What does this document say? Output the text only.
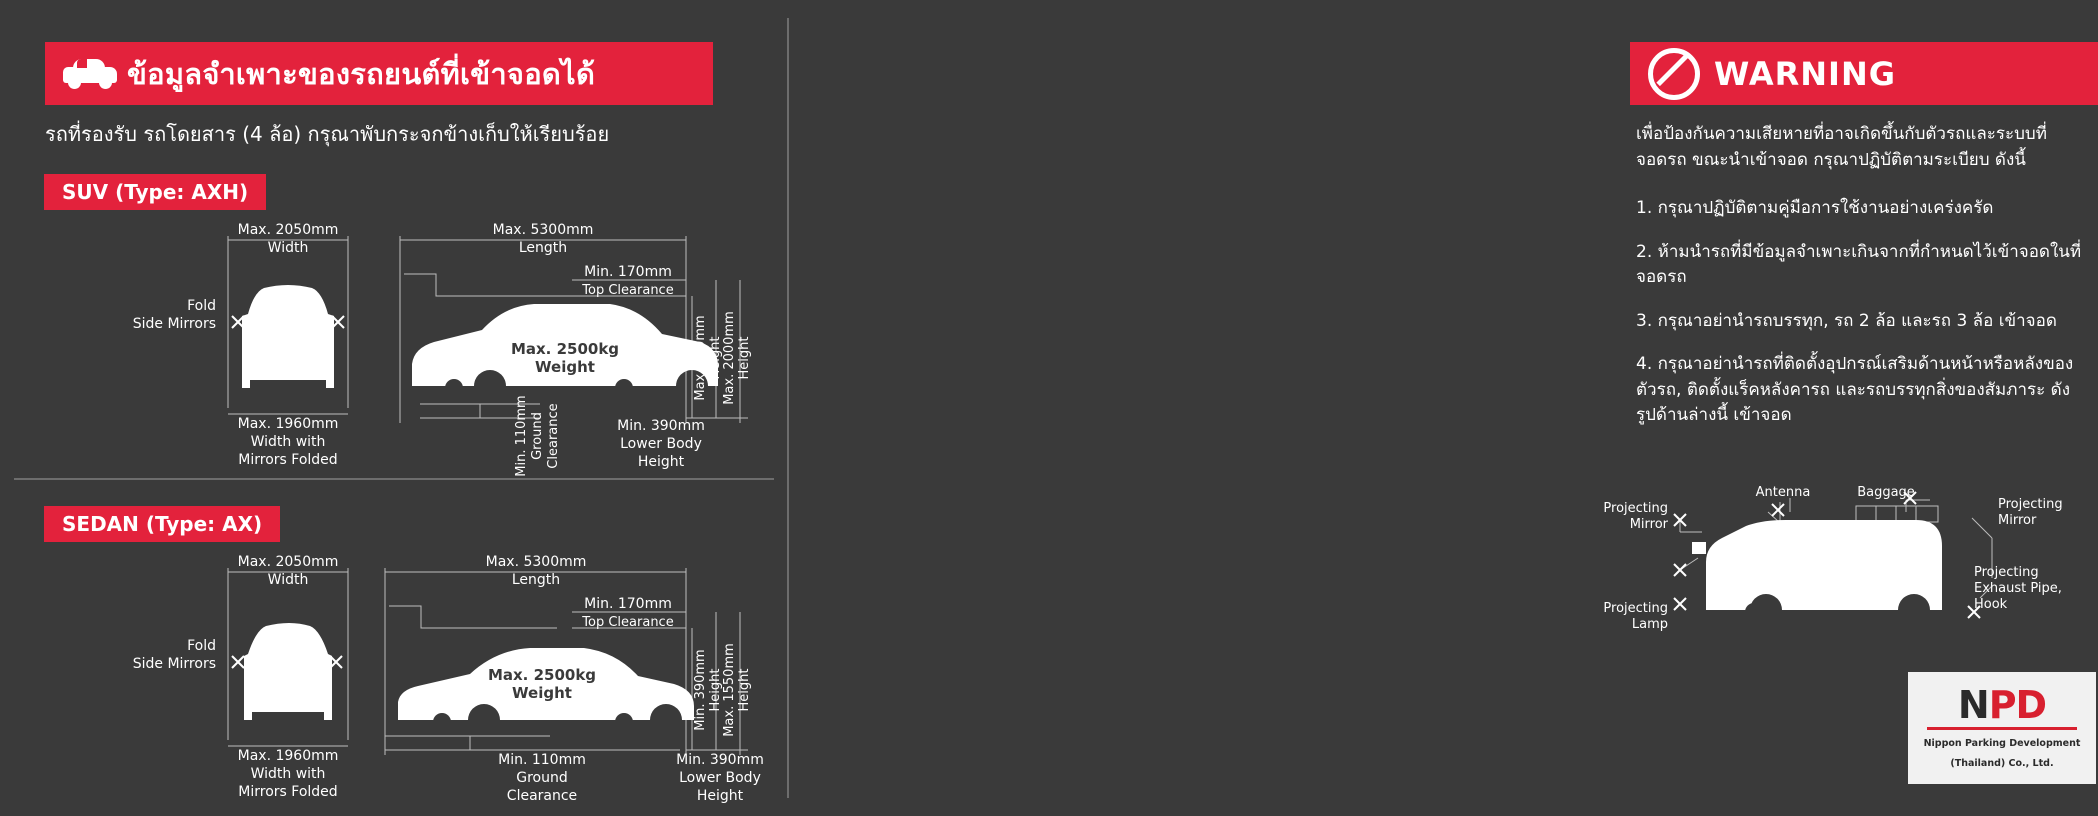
ข้อมูลจำเพาะของรถยนต์ที่เข้าจอดได้
รถที่รองรับ รถโดยสาร (4 ล้อ) กรุณาพับกระจกข้างเก็บให้เรียบร้อย
SUV (Type: AXH)
SEDAN (Type: AX)
Max. 2050mm
Width
Fold
Side Mirrors
Max. 1960mm
Width with
Mirrors Folded
Max. 5300mm
Length
Min. 170mm
Top Clearance
Max. 2500kg
Weight
Min. 110mm Ground Clearance
Max. 200mm Height Max. 2000mm Height
Min. 390mm
Lower Body
Height
Max. 2050mm
Width
Fold
Side Mirrors
Max. 1960mm
Width with
Mirrors Folded
Max. 5300mm
Length
Min. 170mm
Top Clearance
Max. 2500kg
Weight
Min. 110mm
Ground
Clearance
Min. 390mm Height Max. 1550mm Height
Min. 390mm
Lower Body
Height
WARNING
เพื่อป้องกันความเสียหายที่อาจเกิดขึ้นกับตัวรถและระบบที่จอดรถ ขณะนำเข้าจอด กรุณาปฏิบัติตามระเบียบ ดังนี้
1. กรุณาปฏิบัติตามคู่มือการใช้งานอย่างเคร่งครัด
2. ห้ามนำรถที่มีข้อมูลจำเพาะเกินจากที่กำหนดไว้เข้าจอดในที่จอดรถ
3. กรุณาอย่านำรถบรรทุก, รถ 2 ล้อ และรถ 3 ล้อ เข้าจอด
4. กรุณาอย่านำรถที่ติดตั้งอุปกรณ์เสริมด้านหน้าหรือหลังของตัวรถ, ติดตั้งแร็คหลังคารถ และรถบรรทุกสิ่งของสัมภาระ ดังรูปด้านล่างนี้ เข้าจอด
Projecting
Mirror
Antenna	Baggage
Projecting
Mirror
Projecting
Exhaust Pipe,
Hook
Projecting
Lamp
NPD
Nippon Parking Development
(Thailand) Co., Ltd.
